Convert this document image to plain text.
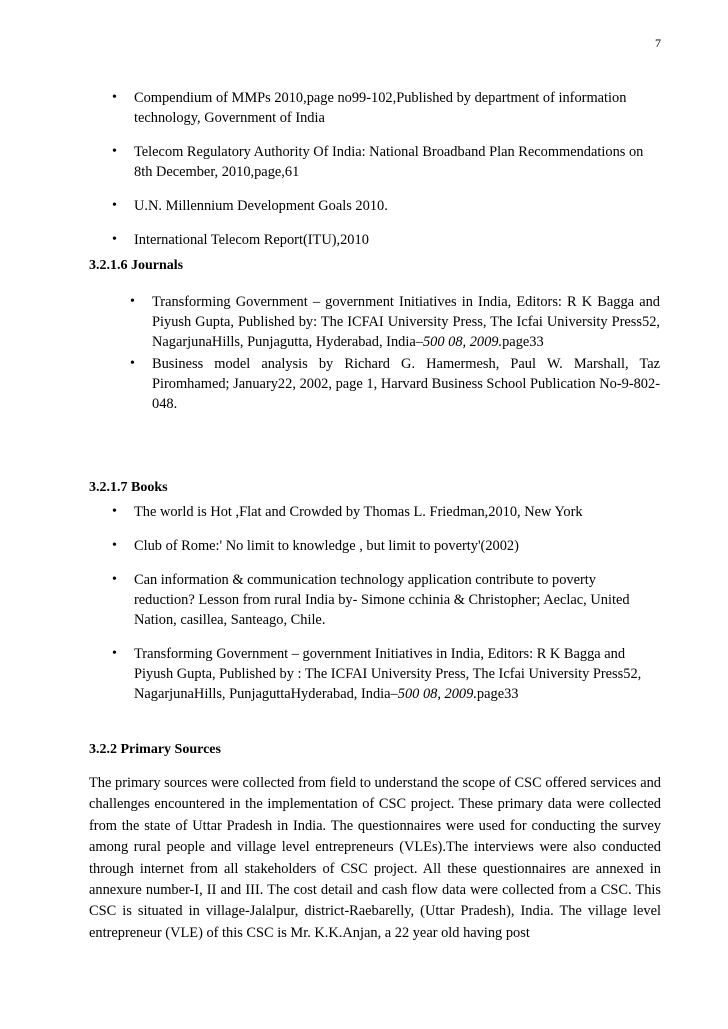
7
• Compendium of MMPs 2010,page no99-102,Published by department of information technology, Government of India
• Telecom Regulatory Authority Of India: National Broadband Plan Recommendations on 8th December, 2010,page,61
• U.N. Millennium Development Goals 2010.
• International Telecom Report(ITU),2010
3.2.1.6 Journals
• Transforming Government – government Initiatives in India, Editors: R K Bagga and Piyush Gupta, Published by: The ICFAI University Press, The Icfai University Press52, NagarjunaHills, Punjagutta, Hyderabad, India–500 08, 2009.page33
• Business model analysis by Richard G. Hamermesh, Paul W. Marshall, Taz Piromhamed; January22, 2002, page 1, Harvard Business School Publication No-9-802-048.
3.2.1.7 Books
• The world is Hot ,Flat and Crowded by Thomas L. Friedman,2010, New York
• Club of Rome:' No limit to knowledge , but limit to poverty'(2002)
• Can information & communication technology application contribute to poverty reduction? Lesson from rural India by- Simone cchinia & Christopher; Aeclac, United Nation, casillea, Santeago, Chile.
• Transforming Government – government Initiatives in India, Editors: R K Bagga and Piyush Gupta, Published by : The ICFAI University Press, The Icfai University Press52, NagarjunaHills, PunjaguttaHyderabad, India–500 08, 2009.page33
3.2.2 Primary Sources

The primary sources were collected from field to understand the scope of CSC offered services and challenges encountered in the implementation of CSC project. These primary data were collected from the state of Uttar Pradesh in India. The questionnaires were used for conducting the survey among rural people and village level entrepreneurs (VLEs).The interviews were also conducted through internet from all stakeholders of CSC project. All these questionnaires are annexed in annexure number-I, II and III. The cost detail and cash flow data were collected from a CSC. This CSC is situated in village-Jalalpur, district-Raebarelly, (Uttar Pradesh), India. The village level entrepreneur (VLE) of this CSC is Mr. K.K.Anjan, a 22 year old having post
